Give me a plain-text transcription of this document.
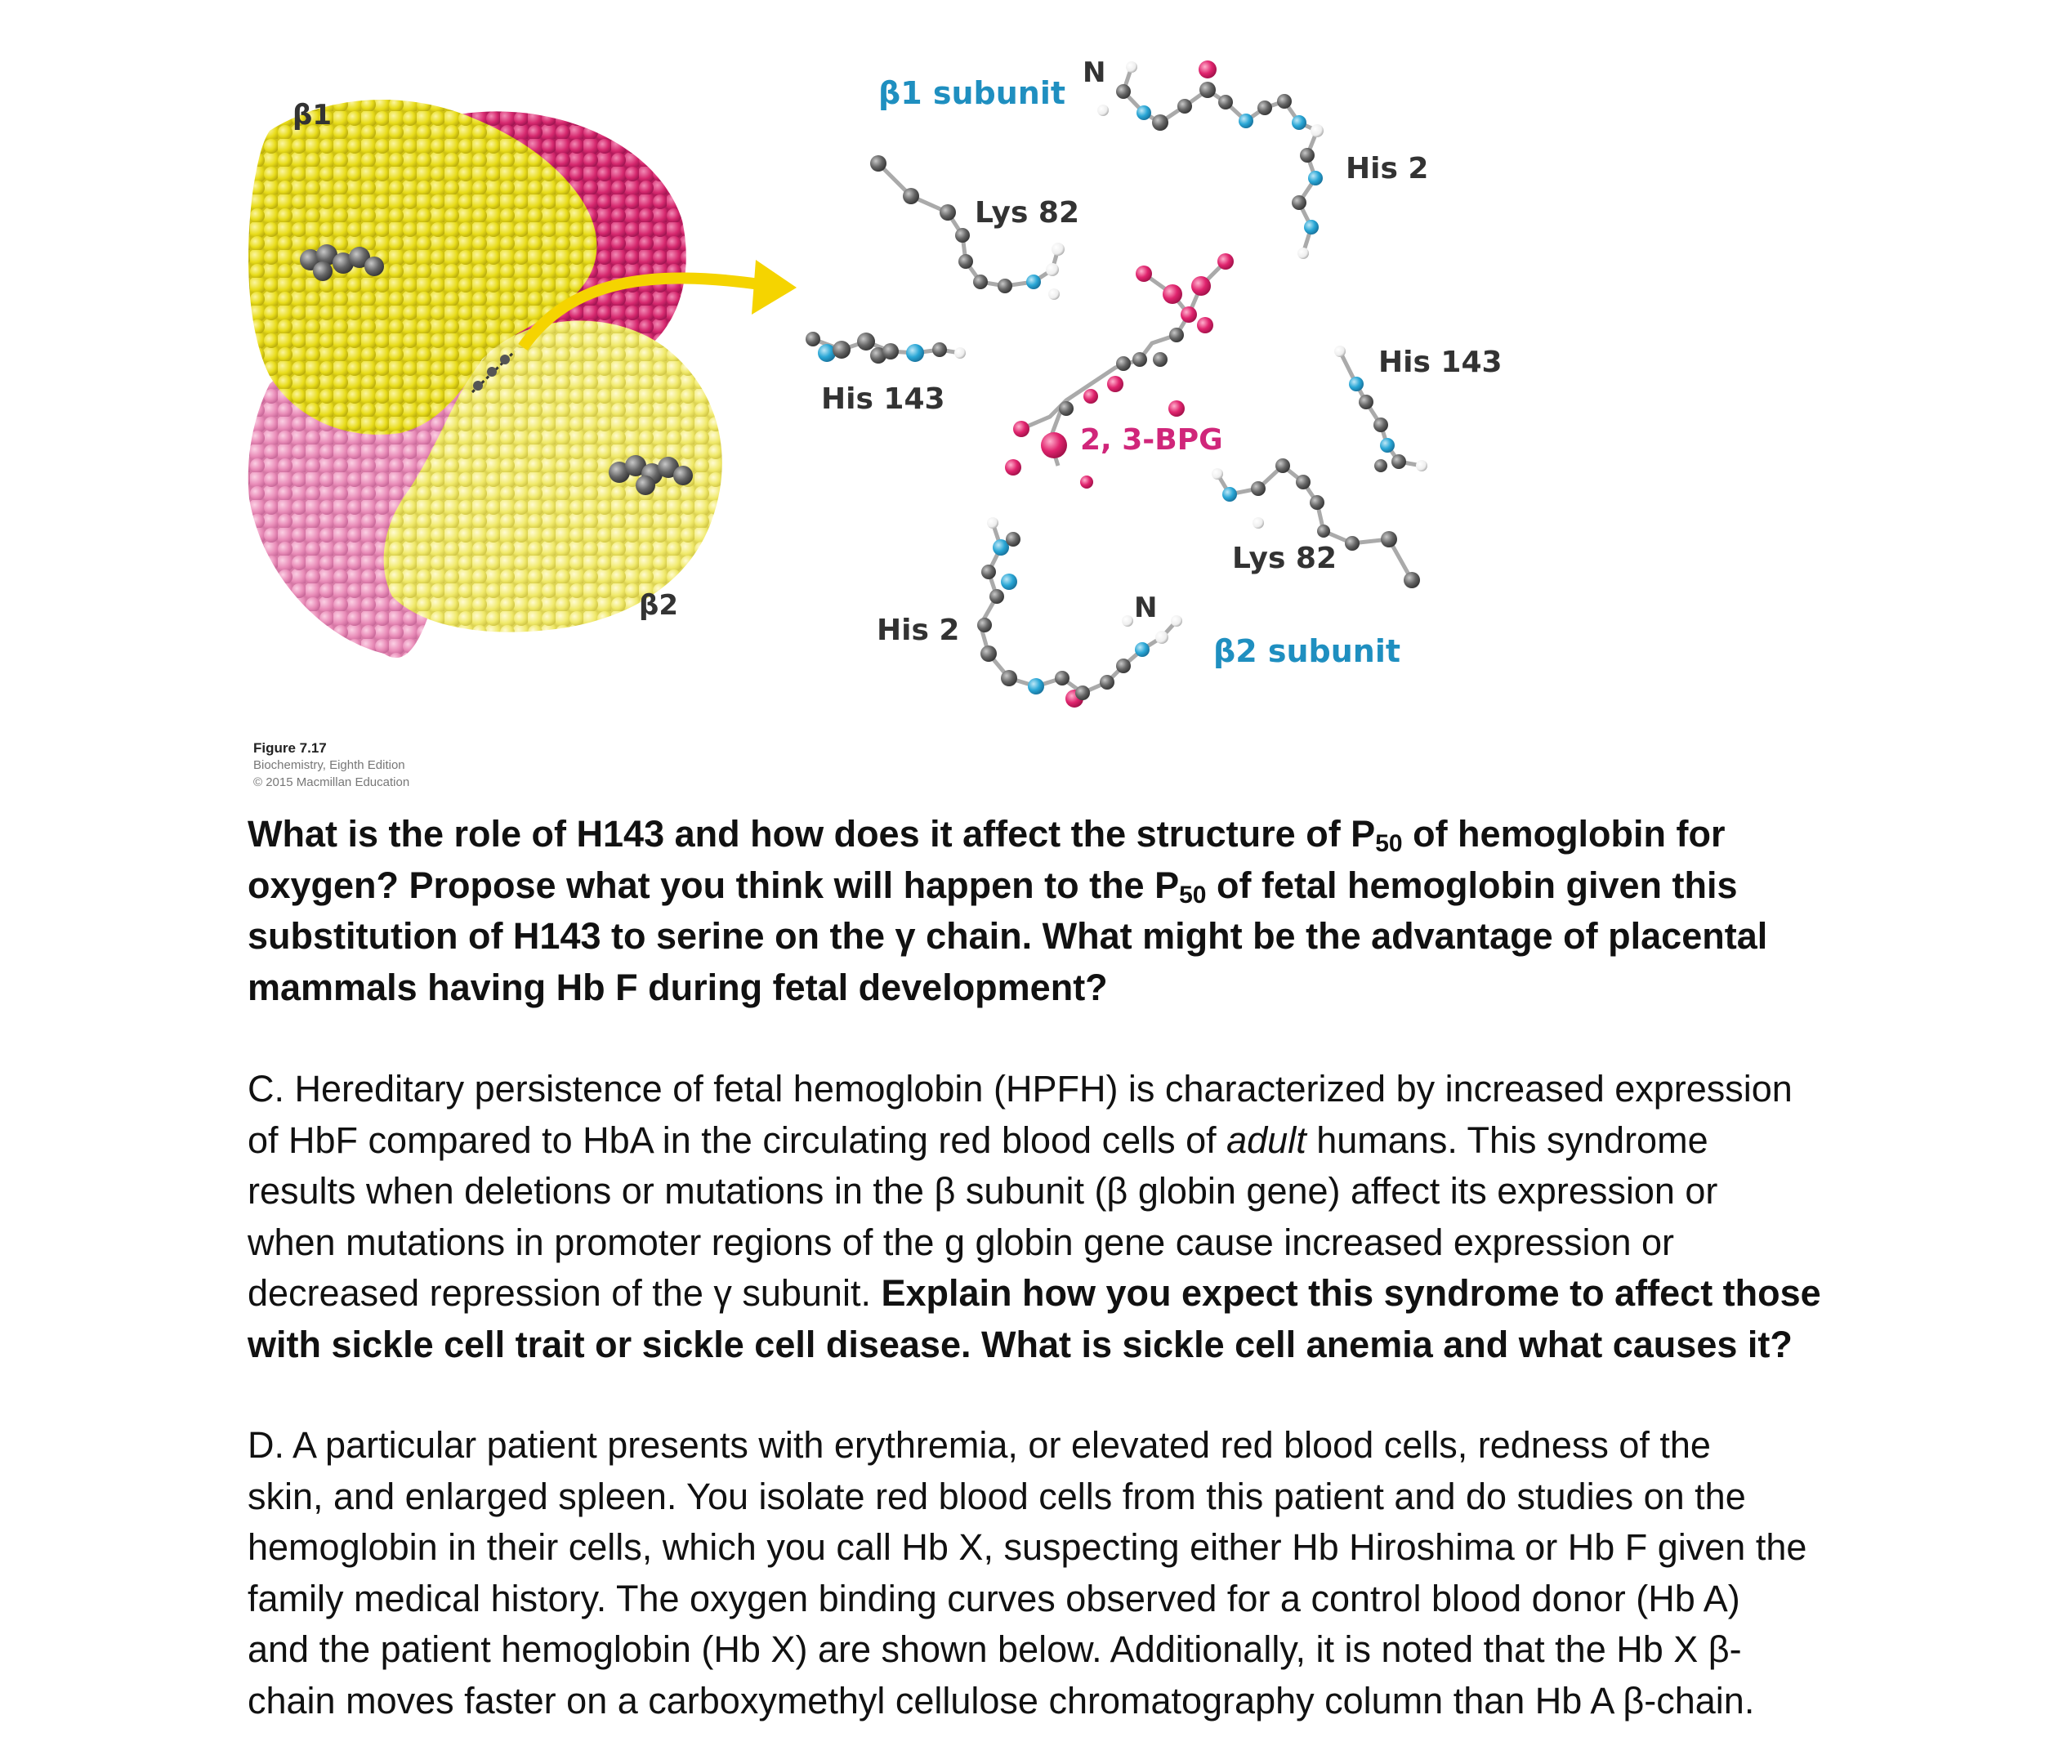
β1
β2
β1 subunit
N
His 2
Lys 82
His 143
His 143
2, 3-BPG
Lys 82
His 2
N
β2 subunit
Figure 7.17
Biochemistry, Eighth Edition
© 2015 Macmillan Education
What is the role of H143 and how does it affect the structure of $P_{50}$ of hemoglobin for
oxygen? Propose what you think will happen to the $P_{50}$ of fetal hemoglobin given this
substitution of H143 to serine on the γ chain. What might be the advantage of placental
mammals having Hb F during fetal development?
C. Hereditary persistence of fetal hemoglobin (HPFH) is characterized by increased expression
of HbF compared to HbA in the circulating red blood cells of adult humans. This syndrome
results when deletions or mutations in the β subunit (β globin gene) affect its expression or
when mutations in promoter regions of the g globin gene cause increased expression or
decreased repression of the γ subunit. Explain how you expect this syndrome to affect those
with sickle cell trait or sickle cell disease. What is sickle cell anemia and what causes it?
D. A particular patient presents with erythremia, or elevated red blood cells, redness of the
skin, and enlarged spleen. You isolate red blood cells from this patient and do studies on the
hemoglobin in their cells, which you call Hb X, suspecting either Hb Hiroshima or Hb F given the
family medical history. The oxygen binding curves observed for a control blood donor (Hb A)
and the patient hemoglobin (Hb X) are shown below. Additionally, it is noted that the Hb X β-
chain moves faster on a carboxymethyl cellulose chromatography column than Hb A β-chain.
